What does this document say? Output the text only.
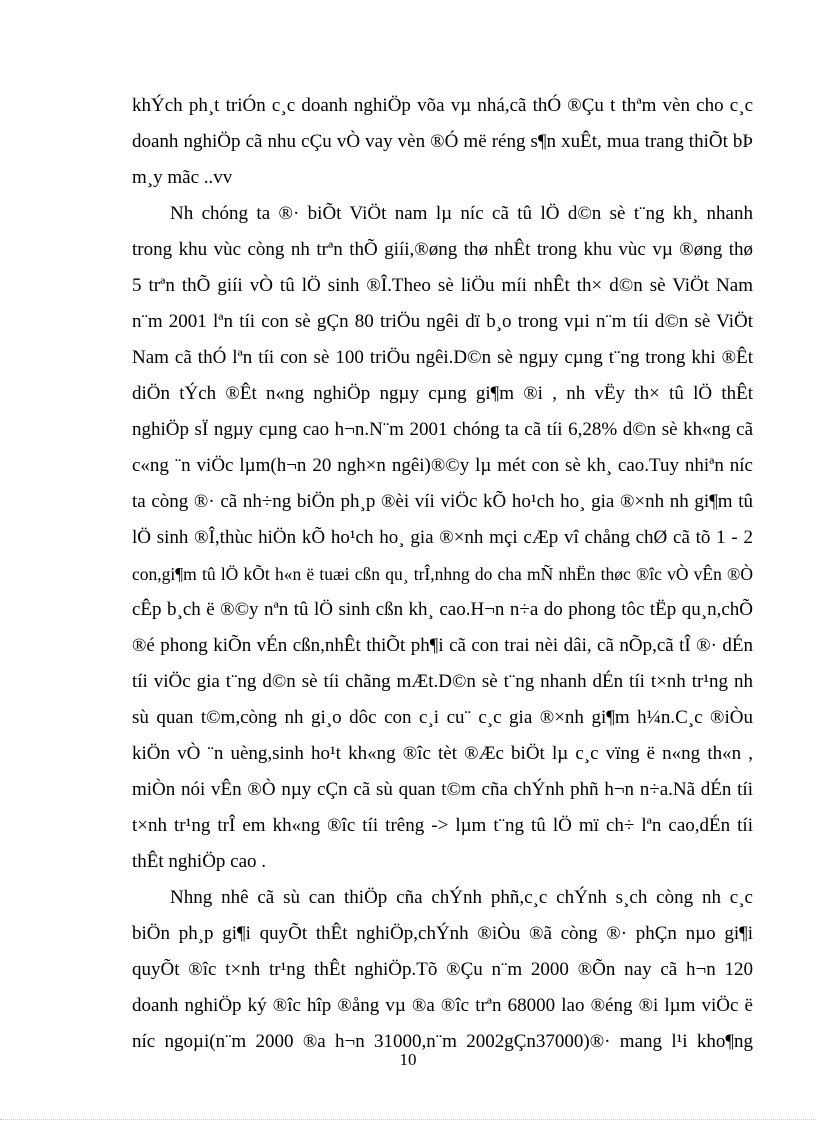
khÝch ph¸t triÓn c¸c doanh nghiÖp võa vµ nhá,cã thÓ ®Çu t thªm vèn cho c¸c
doanh nghiÖp cã nhu cÇu vÒ vay vèn ®Ó më réng s¶n xuÊt, mua trang thiÕt bÞ
m¸y mãc ..vv
Nh chóng ta ®· biÕt ViÖt nam lµ níc cã tû lÖ d©n sè t¨ng kh¸ nhanh
trong khu vùc còng nh trªn thÕ giíi,®øng thø nhÊt trong khu vùc vµ ®øng thø
5 trªn thÕ giíi vÒ tû lÖ sinh ®Î.Theo sè liÖu míi nhÊt th× d©n sè ViÖt Nam
n¨m 2001 lªn tíi con sè gÇn 80 triÖu ngêi dï b¸o trong vµi n¨m tíi d©n sè ViÖt
Nam cã thÓ lªn tíi con sè 100 triÖu ngêi.D©n sè ngµy cµng t¨ng trong khi ®Êt
diÖn tÝch ®Êt n«ng nghiÖp ngµy cµng gi¶m ®i , nh vËy th× tû lÖ thÊt
nghiÖp sÏ ngµy cµng cao h¬n.N¨m 2001 chóng ta cã tíi 6,28% d©n sè kh«ng cã
c«ng ¨n viÖc lµm(h¬n 20 ngh×n ngêi)®©y lµ mét con sè kh¸ cao.Tuy nhiªn níc
ta còng ®· cã nh÷ng biÖn ph¸p ®èi víi viÖc kÕ ho¹ch ho¸ gia ®×nh nh gi¶m tû
lÖ sinh ®Î,thùc hiÖn kÕ ho¹ch ho¸ gia ®×nh mçi cÆp vî chång chØ cã tõ 1 - 2
con,gi¶m tû lÖ kÕt h«n ë tuæi cßn qu¸ trÎ,nhng do cha mÑ nhËn thøc ®îc vÒ vÊn ®Ò
cÊp b¸ch ë ®©y nªn tû lÖ sinh cßn kh¸ cao.H¬n n÷a do phong tôc tËp qu¸n,chÕ
®é phong kiÕn vÉn cßn,nhÊt thiÕt ph¶i cã con trai nèi dâi, cã nÕp,cã tÎ ®· dÉn
tíi viÖc gia t¨ng d©n sè tíi chãng mÆt.D©n sè t¨ng nhanh dÉn tíi t×nh tr¹ng nh
sù quan t©m,còng nh gi¸o dôc con c¸i cu¨ c¸c gia ®×nh gi¶m h¼n.C¸c ®iÒu
kiÖn vÒ ¨n uèng,sinh ho¹t kh«ng ®îc tèt ®Æc biÖt lµ c¸c vïng ë n«ng th«n ,
miÒn nói vÊn ®Ò nµy cÇn cã sù quan t©m cña chÝnh phñ h¬n n÷a.Nã dÉn tíi
t×nh tr¹ng trÎ em kh«ng ®îc tíi trêng -> lµm t¨ng tû lÖ mï ch÷ lªn cao,dÉn tíi
thÊt nghiÖp cao .
Nhng nhê cã sù can thiÖp cña chÝnh phñ,c¸c chÝnh s¸ch còng nh c¸c
biÖn ph¸p gi¶i quyÕt thÊt nghiÖp,chÝnh ®iÒu ®ã còng ®· phÇn nµo gi¶i
quyÕt ®îc t×nh tr¹ng thÊt nghiÖp.Tõ ®Çu n¨m 2000 ®Õn nay cã h¬n 120
doanh nghiÖp ký ®îc hîp ®ång vµ ®a ®îc trªn 68000 lao ®éng ®i lµm viÖc ë
níc ngoµi(n¨m 2000 ®a h¬n 31000,n¨m 2002gÇn37000)®· mang l¹i kho¶ng
10
